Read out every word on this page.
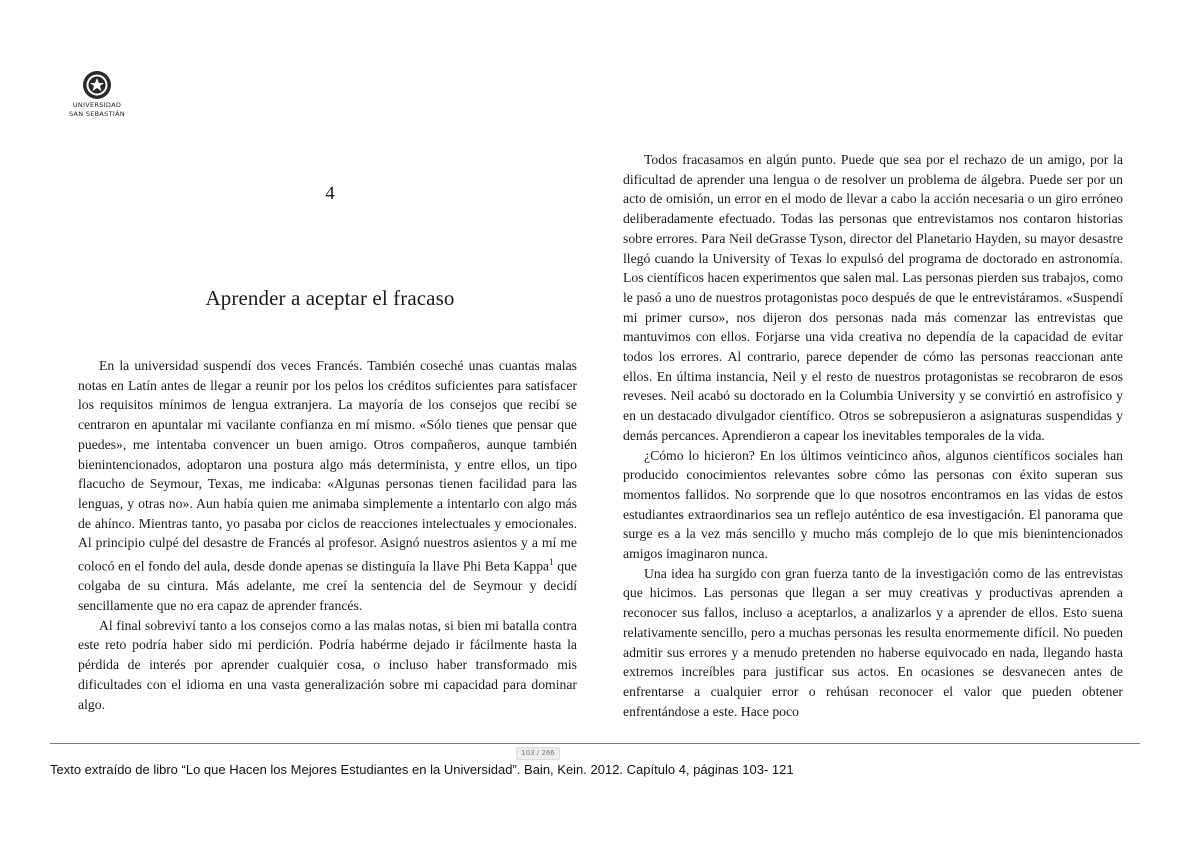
UNIVERSIDAD
SAN SEBASTIÁN
4
Aprender a aceptar el fracaso

En la universidad suspendí dos veces Francés. También coseché unas cuantas malas notas en Latín antes de llegar a reunir por los pelos los créditos suficientes para satisfacer los requisitos mínimos de lengua extranjera. La mayoría de los consejos que recibí se centraron en apuntalar mi vacilante confianza en mí mismo. «Sólo tienes que pensar que puedes», me intentaba convencer un buen amigo. Otros compañeros, aunque también bienintencionados, adoptaron una postura algo más determinista, y entre ellos, un tipo flacucho de Seymour, Texas, me indicaba: «Algunas personas tienen facilidad para las lenguas, y otras no». Aun había quien me animaba simplemente a intentarlo con algo más de ahínco. Mientras tanto, yo pasaba por ciclos de reacciones intelectuales y emocionales. Al principio culpé del desastre de Francés al profesor. Asignó nuestros asientos y a mí me colocó en el fondo del aula, desde donde apenas se distinguía la llave Phi Beta Kappa$^1$ que colgaba de su cintura. Más adelante, me creí la sentencia del de Seymour y decidí sencillamente que no era capaz de aprender francés.

Al final sobreviví tanto a los consejos como a las malas notas, si bien mi batalla contra este reto podría haber sido mi perdición. Podría habérme dejado ir fácilmente hasta la pérdida de interés por aprender cualquier cosa, o incluso haber transformado mis dificultades con el idioma en una vasta generalización sobre mi capacidad para dominar algo.

Todos fracasamos en algún punto. Puede que sea por el rechazo de un amigo, por la dificultad de aprender una lengua o de resolver un problema de álgebra. Puede ser por un acto de omisión, un error en el modo de llevar a cabo la acción necesaria o un giro erróneo deliberadamente efectuado. Todas las personas que entrevistamos nos contaron historias sobre errores. Para Neil deGrasse Tyson, director del Planetario Hayden, su mayor desastre llegó cuando la University of Texas lo expulsó del programa de doctorado en astronomía. Los científicos hacen experimentos que salen mal. Las personas pierden sus trabajos, como le pasó a uno de nuestros protagonistas poco después de que le entrevistáramos. «Suspendí mi primer curso», nos dijeron dos personas nada más comenzar las entrevistas que mantuvimos con ellos. Forjarse una vida creativa no dependía de la capacidad de evitar todos los errores. Al contrario, parece depender de cómo las personas reaccionan ante ellos. En última instancia, Neil y el resto de nuestros protagonistas se recobraron de esos reveses. Neil acabó su doctorado en la Columbia University y se convirtió en astrofísico y en un destacado divulgador científico. Otros se sobrepusieron a asignaturas suspendidas y demás percances. Aprendieron a capear los inevitables temporales de la vida.

¿Cómo lo hicieron? En los últimos veinticinco años, algunos científicos sociales han producido conocimientos relevantes sobre cómo las personas con éxito superan sus momentos fallidos. No sorprende que lo que nosotros encontramos en las vidas de estos estudiantes extraordinarios sea un reflejo auténtico de esa investigación. El panorama que surge es a la vez más sencillo y mucho más complejo de lo que mis bienintencionados amigos imaginaron nunca.

Una idea ha surgido con gran fuerza tanto de la investigación como de las entrevistas que hicimos. Las personas que llegan a ser muy creativas y productivas aprenden a reconocer sus fallos, incluso a aceptarlos, a analizarlos y a aprender de ellos. Esto suena relativamente sencillo, pero a muchas personas les resulta enormemente difícil. No pueden admitir sus errores y a menudo pretenden no haberse equivocado en nada, llegando hasta extremos increíbles para justificar sus actos. En ocasiones se desvanecen antes de enfrentarse a cualquier error o rehúsan reconocer el valor que pueden obtener enfrentándose a este. Hace poco

103 / 266
Texto extraído de libro “Lo que Hacen los Mejores Estudiantes en la Universidad”. Bain, Kein. 2012. Capítulo 4, páginas 103- 121
